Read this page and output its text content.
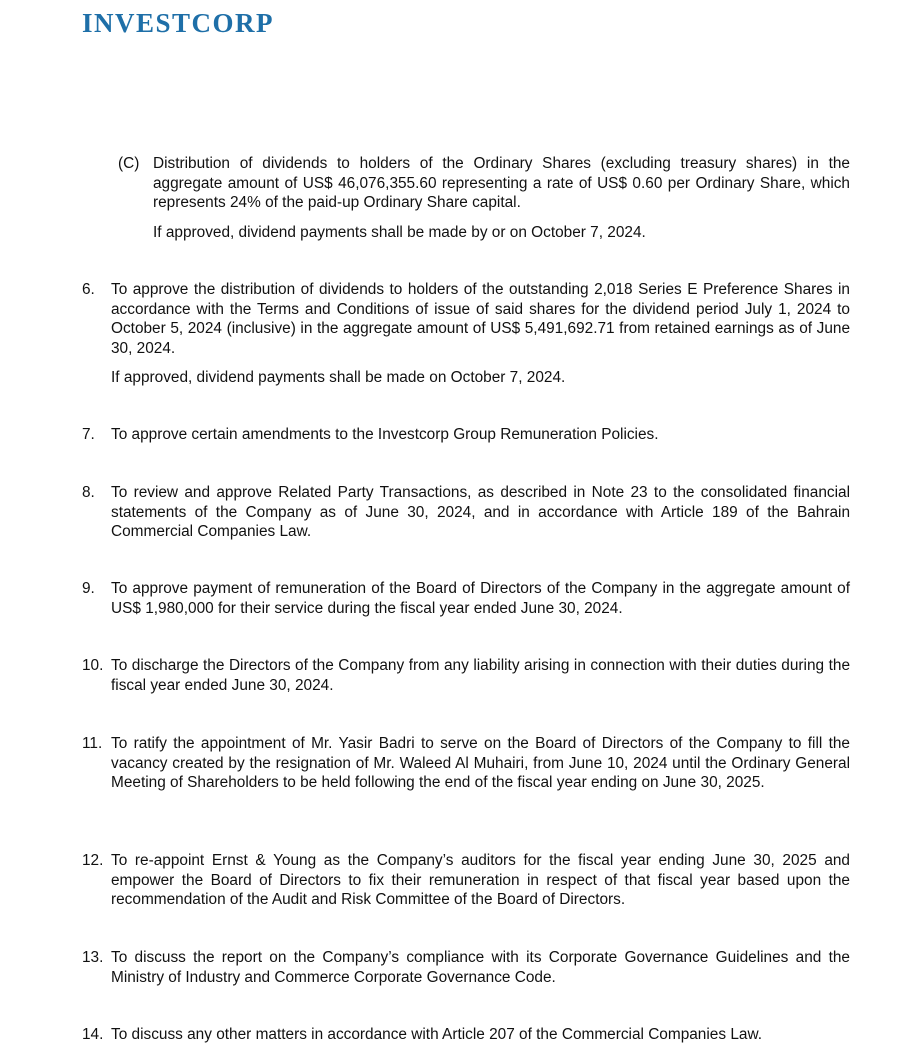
INVESTCORP
(C) Distribution of dividends to holders of the Ordinary Shares (excluding treasury shares) in the aggregate amount of US$ 46,076,355.60 representing a rate of US$ 0.60 per Ordinary Share, which represents 24% of the paid-up Ordinary Share capital.
If approved, dividend payments shall be made by or on October 7, 2024.
6. To approve the distribution of dividends to holders of the outstanding 2,018 Series E Preference Shares in accordance with the Terms and Conditions of issue of said shares for the dividend period July 1, 2024 to October 5, 2024 (inclusive) in the aggregate amount of US$ 5,491,692.71 from retained earnings as of June 30, 2024.
If approved, dividend payments shall be made on October 7, 2024.
7. To approve certain amendments to the Investcorp Group Remuneration Policies.
8. To review and approve Related Party Transactions, as described in Note 23 to the consolidated financial statements of the Company as of June 30, 2024, and in accordance with Article 189 of the Bahrain Commercial Companies Law.
9. To approve payment of remuneration of the Board of Directors of the Company in the aggregate amount of US$ 1,980,000 for their service during the fiscal year ended June 30, 2024.
10. To discharge the Directors of the Company from any liability arising in connection with their duties during the fiscal year ended June 30, 2024.
11. To ratify the appointment of Mr. Yasir Badri to serve on the Board of Directors of the Company to fill the vacancy created by the resignation of Mr. Waleed Al Muhairi, from June 10, 2024 until the Ordinary General Meeting of Shareholders to be held following the end of the fiscal year ending on June 30, 2025.
12. To re-appoint Ernst & Young as the Company’s auditors for the fiscal year ending June 30, 2025 and empower the Board of Directors to fix their remuneration in respect of that fiscal year based upon the recommendation of the Audit and Risk Committee of the Board of Directors.
13. To discuss the report on the Company’s compliance with its Corporate Governance Guidelines and the Ministry of Industry and Commerce Corporate Governance Code.
14. To discuss any other matters in accordance with Article 207 of the Commercial Companies Law.
